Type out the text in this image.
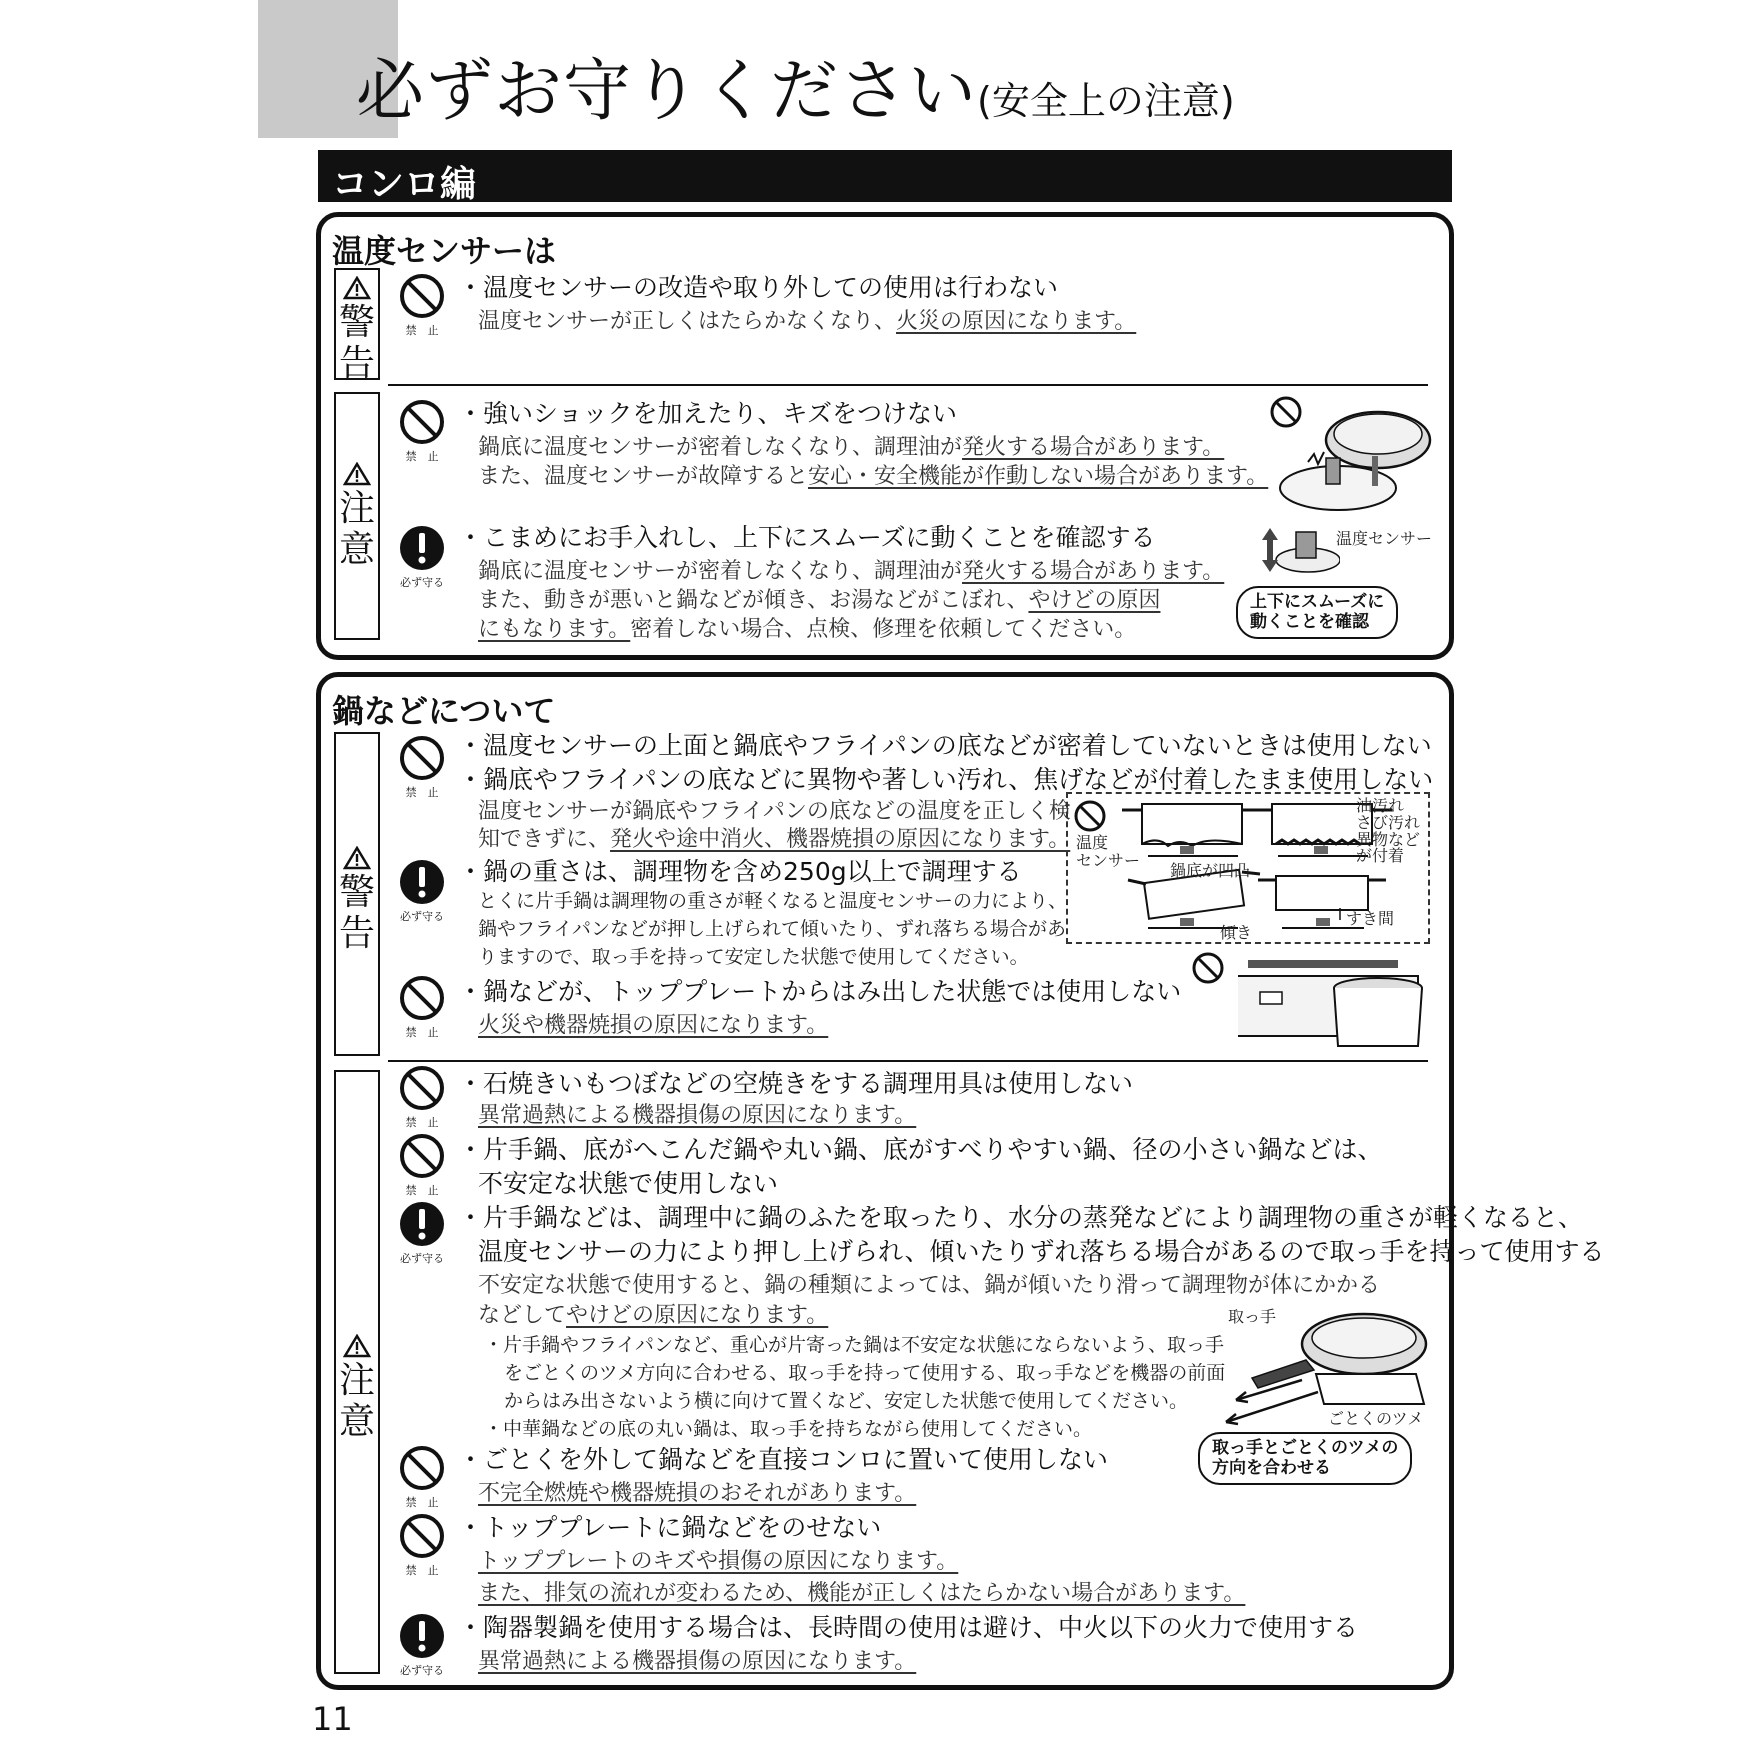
必ずお守りください(安全上の注意)
コンロ編
温度センサーは
警告
注意
禁　止
・温度センサーの改造や取り外しての使用は行わない
温度センサーが正しくはたらかなくなり、火災の原因になります。
禁　止
・強いショックを加えたり、キズをつけない
鍋底に温度センサーが密着しなくなり、調理油が発火する場合があります。
また、温度センサーが故障すると安心・安全機能が作動しない場合があります。
必ず守る
・こまめにお手入れし、上下にスムーズに動くことを確認する
鍋底に温度センサーが密着しなくなり、調理油が発火する場合があります。
また、動きが悪いと鍋などが傾き、お湯などがこぼれ、やけどの原因
にもなります。密着しない場合、点検、修理を依頼してください。
温度センサー
上下にスムーズに
動くことを確認
鍋などについて
警告
注意
禁　止
・温度センサーの上面と鍋底やフライパンの底などが密着していないときは使用しない
・鍋底やフライパンの底などに異物や著しい汚れ、焦げなどが付着したまま使用しない
温度センサーが鍋底やフライパンの底などの温度を正しく検
知できずに、発火や途中消火、機器焼損の原因になります。
必ず守る
・鍋の重さは、調理物を含め250g以上で調理する
とくに片手鍋は調理物の重さが軽くなると温度センサーの力により、
鍋やフライパンなどが押し上げられて傾いたり、ずれ落ちる場合があ
りますので、取っ手を持って安定した状態で使用してください。
禁　止
・鍋などが、トッププレートからはみ出した状態では使用しない
火災や機器焼損の原因になります。
温度
センサー
鍋底が凹凸
油汚れ
さび汚れ
異物など
が付着
傾き
すき間
禁　止
・石焼きいもつぼなどの空焼きをする調理用具は使用しない
異常過熱による機器損傷の原因になります。
禁　止
・片手鍋、底がへこんだ鍋や丸い鍋、底がすべりやすい鍋、径の小さい鍋などは、
不安定な状態で使用しない
必ず守る
・片手鍋などは、調理中に鍋のふたを取ったり、水分の蒸発などにより調理物の重さが軽くなると、
温度センサーの力により押し上げられ、傾いたりずれ落ちる場合があるので取っ手を持って使用する
不安定な状態で使用すると、鍋の種類によっては、鍋が傾いたり滑って調理物が体にかかる
などしてやけどの原因になります。
・片手鍋やフライパンなど、重心が片寄った鍋は不安定な状態にならないよう、取っ手
をごとくのツメ方向に合わせる、取っ手を持って使用する、取っ手などを機器の前面
からはみ出さないよう横に向けて置くなど、安定した状態で使用してください。
・中華鍋などの底の丸い鍋は、取っ手を持ちながら使用してください。
取っ手
ごとくのツメ
取っ手とごとくのツメの
方向を合わせる
禁　止
・ごとくを外して鍋などを直接コンロに置いて使用しない
不完全燃焼や機器焼損のおそれがあります。
禁　止
・トッププレートに鍋などをのせない
トッププレートのキズや損傷の原因になります。
また、排気の流れが変わるため、機能が正しくはたらかない場合があります。
必ず守る
・陶器製鍋を使用する場合は、長時間の使用は避け、中火以下の火力で使用する
異常過熱による機器損傷の原因になります。
11
